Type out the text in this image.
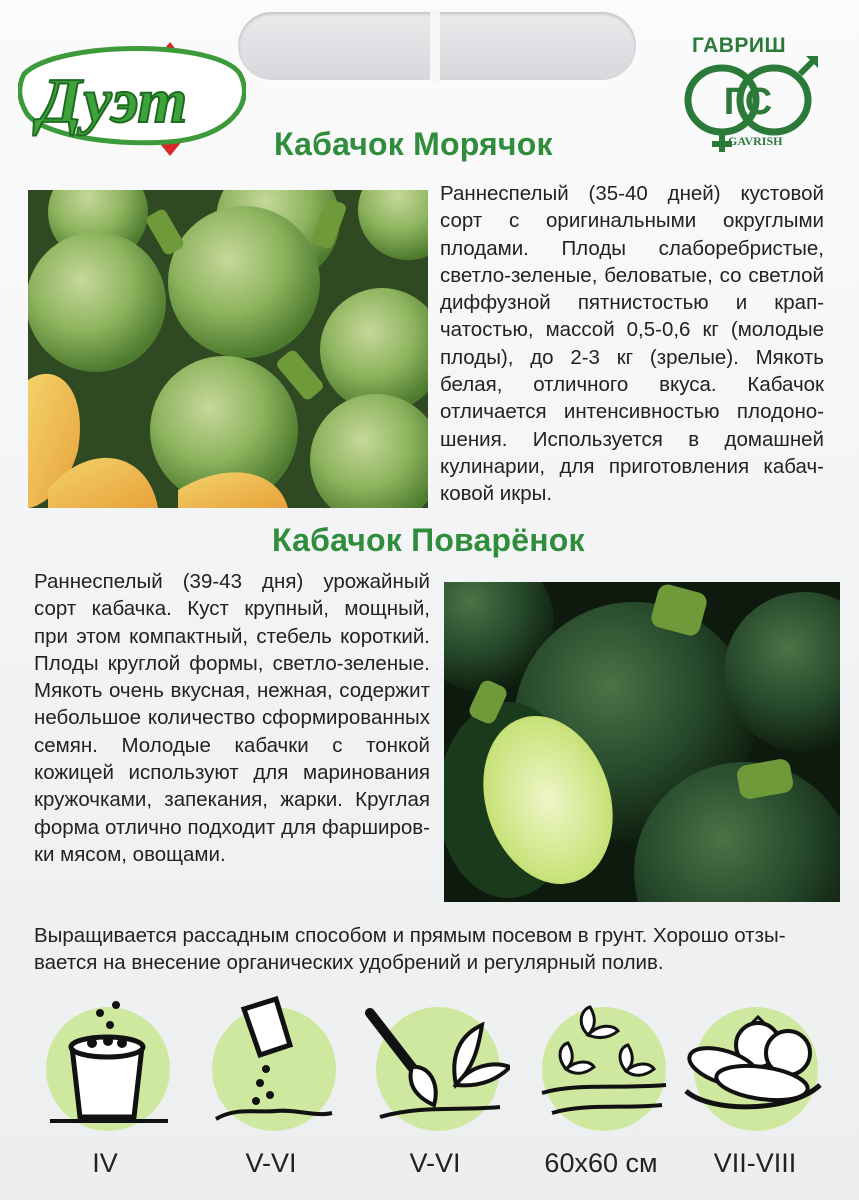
Дуэт
ГАВРИШ
ГС
GAVRISH
Кабачок Морячок
Раннеспелый (35-40 дней) кустовой сорт с оригинальными округлыми плодами. Плоды слаборебристые, светло-зеленые, беловатые, со светлой диффузной пятнистостью и крапчатостью, массой 0,5-0,6 кг (молодые плоды), до 2-3 кг (зрелые). Мякоть белая, отличного вкуса. Кабачок отличается интенсивностью плодоношения. Используется в домашней кулинарии, для приготовления кабачковой икры.
Кабачок Поварёнок
Раннеспелый (39-43 дня) урожайный сорт кабачка. Куст крупный, мощный, при этом компактный, стебель короткий. Плоды круглой формы, светло-зеленые. Мякоть очень вкусная, нежная, содержит небольшое количество сформированных семян. Молодые кабачки с тонкой кожицей используют для маринования кружочками, запекания, жарки. Круглая форма отлично подходит для фаршировки мясом, овощами.
Выращивается рассадным способом и прямым посевом в грунт. Хорошо отзывается на внесение органических удобрений и регулярный полив.
IV	V-VI	V-VI	60x60 см	VII-VIII
